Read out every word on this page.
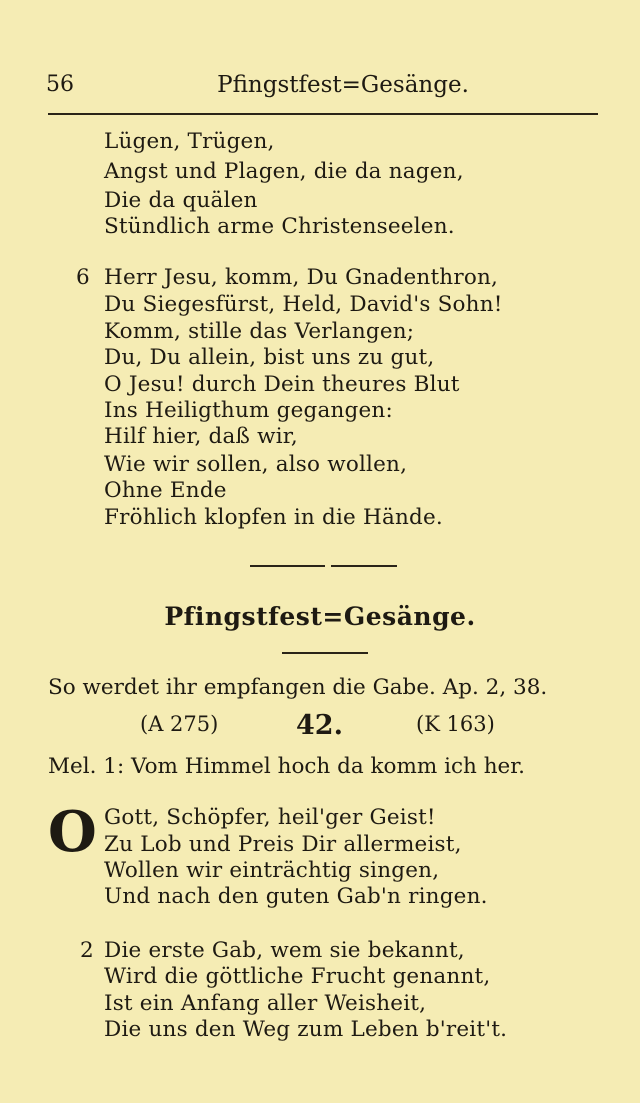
56	Pfingstfest=Gesänge.
Lügen, Trügen,
Angst und Plagen, die da nagen,
Die da quälen
Stündlich arme Christenseelen.
6 Herr Jesu, komm, Du Gnadenthron,
Du Siegesfürst, Held, David's Sohn!
Komm, stille das Verlangen;
Du, Du allein, bist uns zu gut,
O Jesu! durch Dein theures Blut
Ins Heiligthum gegangen:
Hilf hier, daß wir,
Wie wir sollen, also wollen,
Ohne Ende
Fröhlich klopfen in die Hände.
Pfingstfest=Gesänge.
So werdet ihr empfangen die Gabe. Ap. 2, 38.
(A 275)	42.	(K 163)
Mel. 1: Vom Himmel hoch da komm ich her.
O Gott, Schöpfer, heil'ger Geist!
Zu Lob und Preis Dir allermeist,
Wollen wir einträchtig singen,
Und nach den guten Gab'n ringen.
2 Die erste Gab, wem sie bekannt,
Wird die göttliche Frucht genannt,
Ist ein Anfang aller Weisheit,
Die uns den Weg zum Leben b'reit't.
